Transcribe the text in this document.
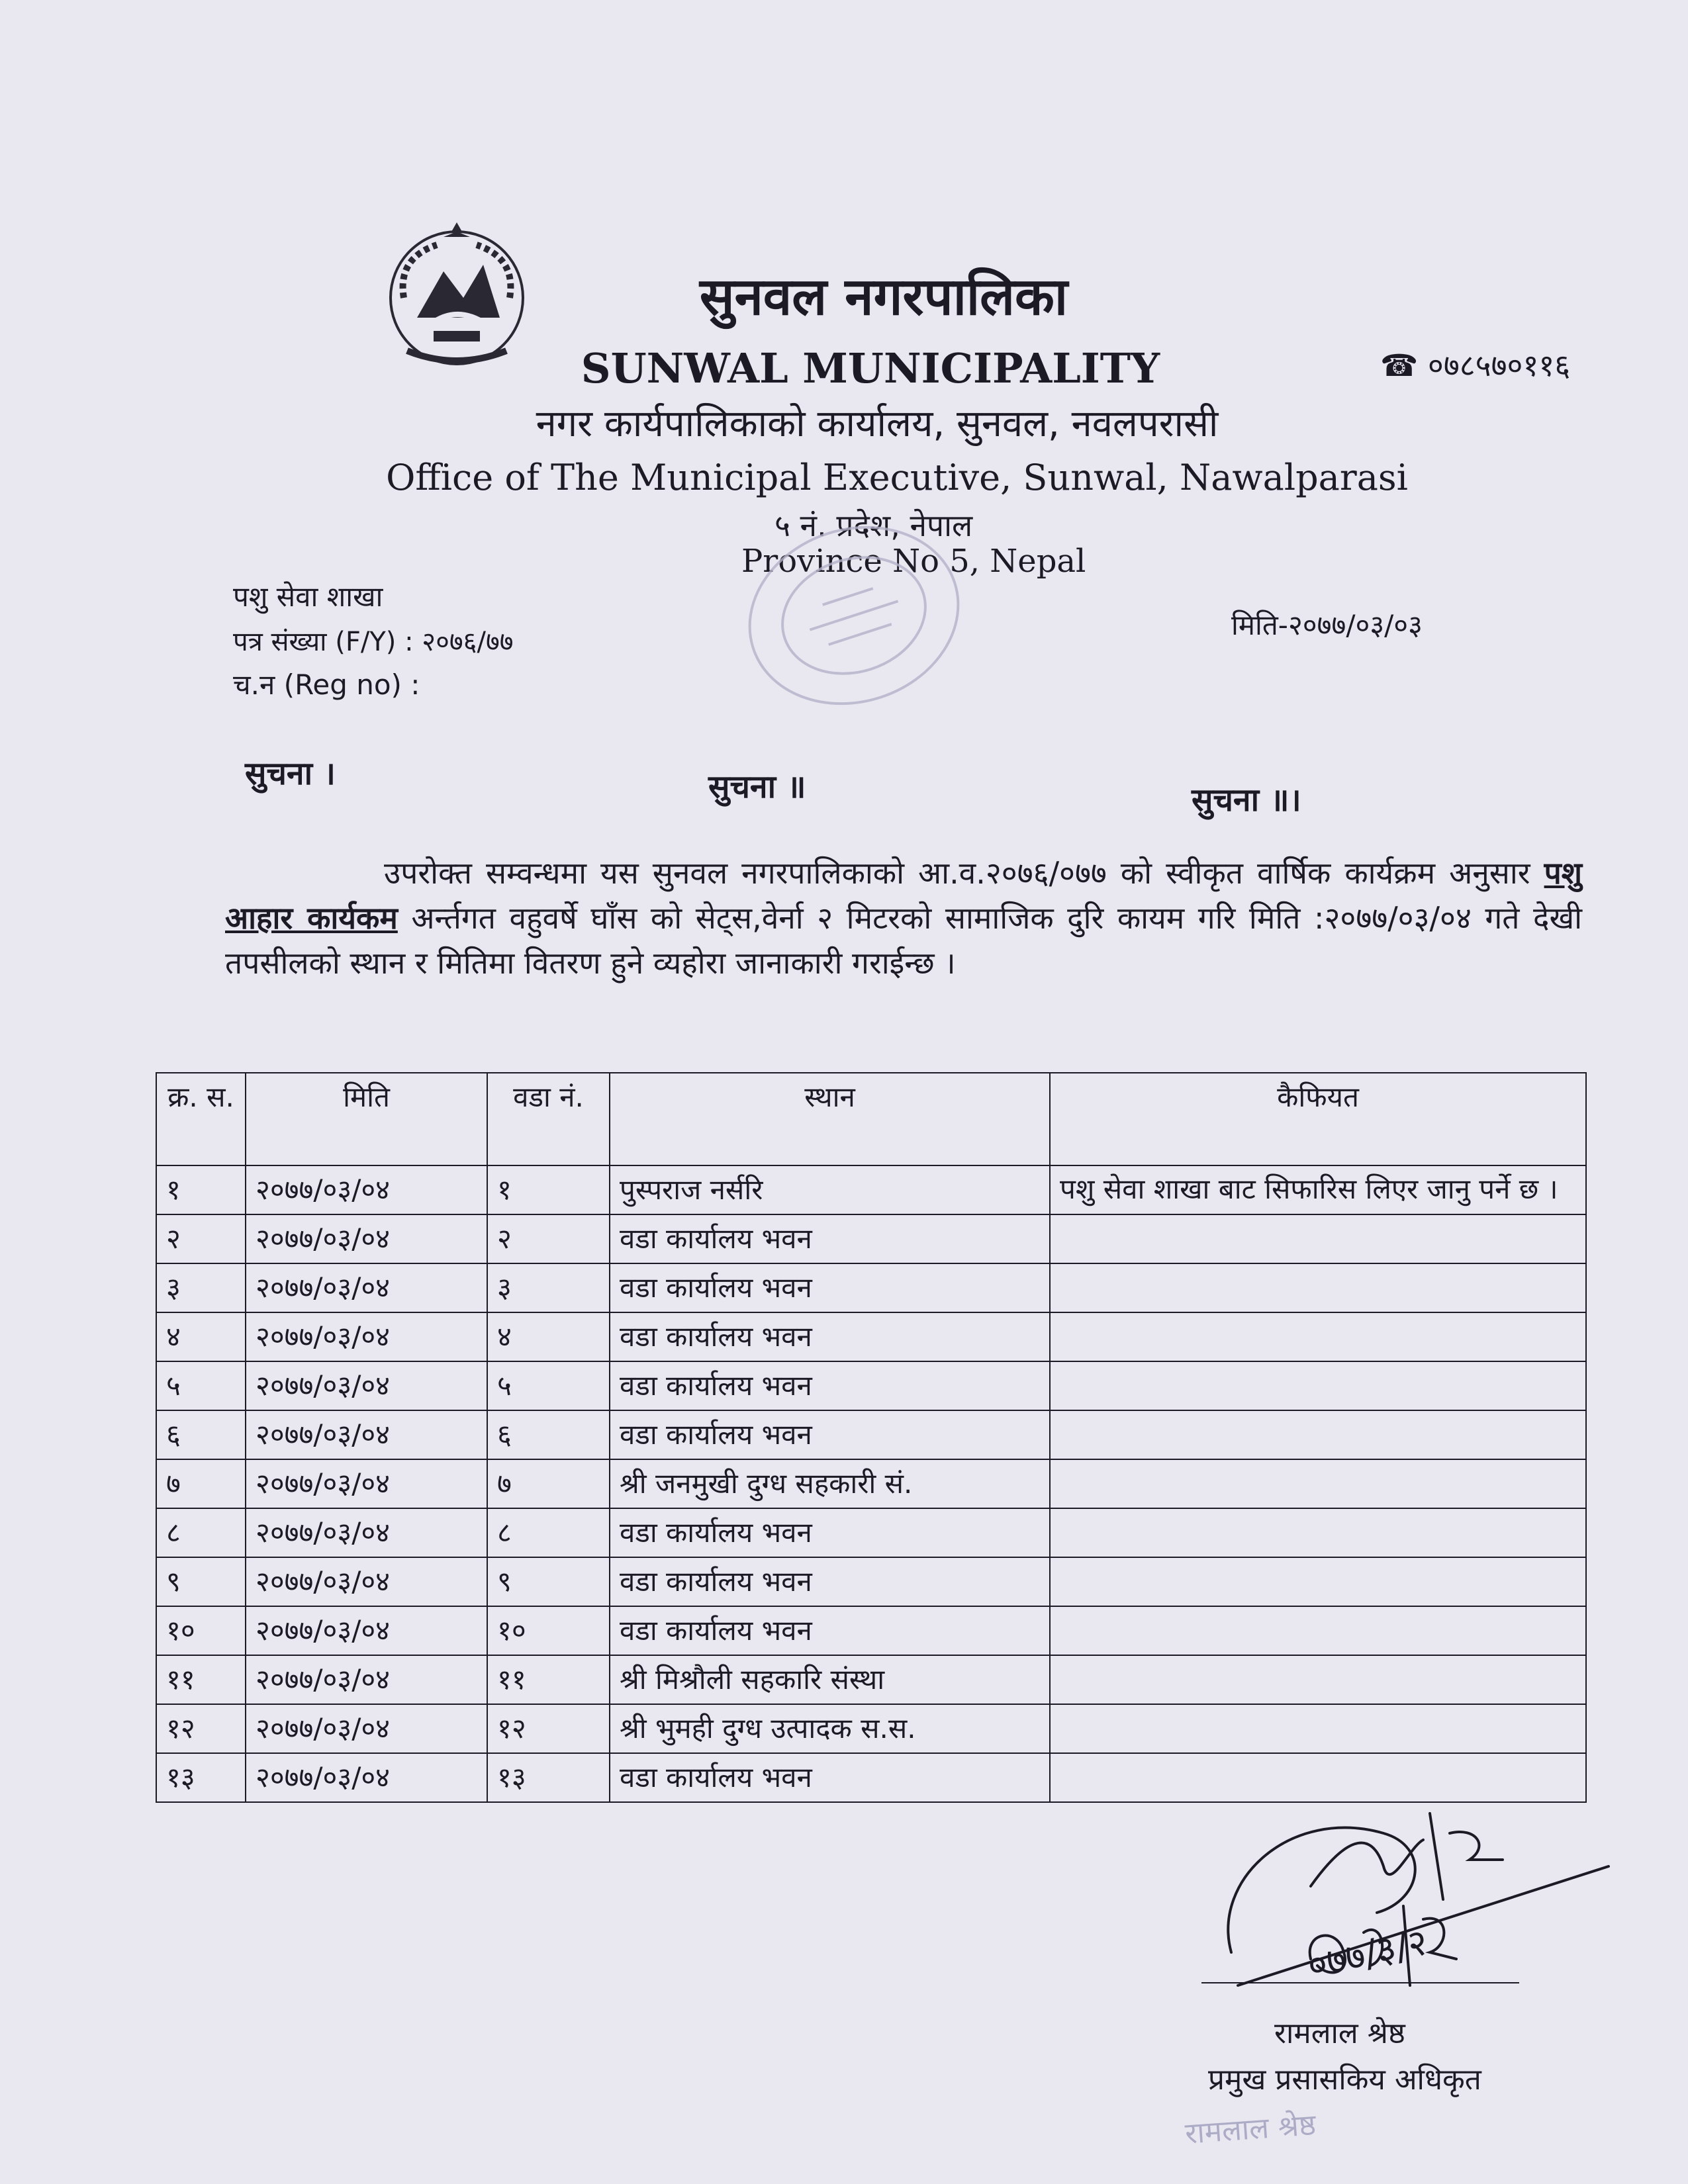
सुनवल नगरपालिका
SUNWAL MUNICIPALITY	☎ ०७८५७०११६
नगर कार्यपालिकाको कार्यालय, सुनवल, नवलपरासी
Office of The Municipal Executive, Sunwal, Nawalparasi
५ नं. प्रदेश, नेपाल
Province No 5, Nepal
पशु सेवा शाखा
पत्र संख्या (F/Y) : २०७६/७७
च.न (Reg no) :
मिति-२०७७/०३/०३
सुचना ।	सुचना ॥	सुचना ॥।
उपरोक्त सम्वन्धमा यस सुनवल नगरपालिकाको आ.व.२०७६/०७७ को स्वीकृत वार्षिक कार्यक्रम अनुसार पशु आहार कार्यकम अर्न्तगत वहुवर्षे घाँस को सेट्स,वेर्ना २ मिटरको सामाजिक दुरि कायम गरि मिति :२०७७/०३/०४ गते देखी तपसीलको स्थान र मितिमा वितरण हुने व्यहोरा जानाकारी गराईन्छ ।
क्र. स.	मिति	वडा नं.	स्थान	कैफियत
१	२०७७/०३/०४	१	पुस्पराज नर्सरि	पशु सेवा शाखा बाट सिफारिस लिएर जानु पर्ने छ ।
२	२०७७/०३/०४	२	वडा कार्यालय भवन	
३	२०७७/०३/०४	३	वडा कार्यालय भवन	
४	२०७७/०३/०४	४	वडा कार्यालय भवन	
५	२०७७/०३/०४	५	वडा कार्यालय भवन	
६	२०७७/०३/०४	६	वडा कार्यालय भवन	
७	२०७७/०३/०४	७	श्री जनमुखी दुग्ध सहकारी सं.	
८	२०७७/०३/०४	८	वडा कार्यालय भवन	
९	२०७७/०३/०४	९	वडा कार्यालय भवन	
१०	२०७७/०३/०४	१०	वडा कार्यालय भवन	
११	२०७७/०३/०४	११	श्री मिश्रौली सहकारि संस्था	
१२	२०७७/०३/०४	१२	श्री भुमही दुग्ध उत्पादक स.स.	
१३	२०७७/०३/०४	१३	वडा कार्यालय भवन	
०७७/३/२
रामलाल श्रेष्ठ
प्रमुख प्रसासकिय अधिकृत
रामलाल श्रेष्ठ
